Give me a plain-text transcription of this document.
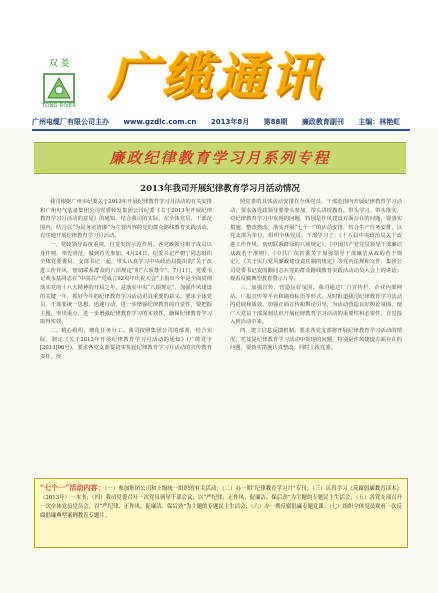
双 菱
TONG RIVER 广缆通讯
广州电缆厂有限公司主办 www.gzdlc.com.cn 2013年8月 第88期 廉政教育副刊 主编：林艳虹
廉政纪律教育学习月系列专程
2013年我司开展纪律教育学习月活动情况

我司根据广州市纪委关于2013年开展纪律教育学习月活动的有关安排和广州电气装备集团公司党委转发集团公司纪委《关于2013年开展纪律教育学习月活动的意见》的通知，结合我司的实际，在全体党员、干部范围内，结合以“为民务实清廉”为主要内容的党的群众路线教育实践活动，有序地开展纪律教育学习月活动。

一、党政领导高度重视，自觉发挥示范作用。各党政领导班子成员以身作则、率先垂范，做到首先参加。4月24日，纪委书记严朝宁同志组织全体党委委员、支部书记一起，带头认真学习中央政治局提出的“关于改进工作作风、密切联系群众的八项规定”和“六项禁令”。7月1日，党委书记黄永基同志在“中国共产党成立92周年庆祝大会”上指出今年是全面贯彻落实党的十八大精神的开局之年，是落实中央“八项规定”、加强作风建设的关键一年，抓好今年的纪律教育学习活动更具重要的意义。要求全体党员、干部要统一思想、迅速行动，进一步增强纪律教育的自觉性，要把握主题，突出重点，进一步增强纪律教育学习的实效性，确保纪律教育学习取得实效。

二、精心组织，细化任务分工。我司按照集团公司的部署，结合实际，制定《关于2013年开展纪律教育学习月活动的通知》(广缆党字[2013]06号)，要求各党支部要切实负起纪律教育学习月活动的宣传教育责任，按

照党委的具体活动安排在全体党员、干部范围内开展纪律教育学习活动，要求各党政领导要带头参加，带头讲授教育。带头学习、带头落实，对纪律教育学习中发现的问题，特别是作风建设方面存在的问题，要落实措施，整改整改；落实开展“七个一”的活动安排，结合生产任务安排，以党支部为单位，组织全体党员、干部学习了：《十八届中央政治局关于改进工作作风、密切联系群众的八项规定》、《中国共产党党员领导干部廉洁从政若干准则》、《中共广东省委关于加强领导干部廉洁从政的若干规定》，《关于实行党风廉政建设责任制的规定》等党内法规和文件；集团公司党委书记麦国顺同志在党的群众路线教育实践活动动员大会上的讲话；观看反腐典型教育警示片等。

三、加强宣传，营造良好氛围。我司通过厂门宣传栏、企业内部网站、厂报宣传等平台和墙布标语等形式，及时报道我司纪律教育学习活动的进展和成效，加强正面宣传和舆论引导，为活动营造良好舆论氛围，使广大党员干部深刻认识开展纪律教育学习活动的重要性和必要性，自觉投入到活动中来。

四、建立信息反馈机制。要求各党支部将开展纪律教育学习活动的情况，尤其是纪律教育学习活动中发现的问题，特别是作风建设方面存在的问题，要落实措施认真整改，同时上报党委。

“七个一”活动内容：（一）参加集团公司和上级统一组织的有关活动；（二）办一期“纪律教育学习月”专刊；（三）认真学习《反腐倡廉教育读本》（2013年）一本书；（四）我司党委召开一次党员领导干部会议，以“严纪律、正作风、促廉洁、保后劲”为主题的专题民主生活会；（五）各党支部召开一次全体党员党员会，以“严纪律、正作风、促廉洁、保后劲”为主题的专题民主生活会；（六）办一期反腐倡廉专题党课；（七）组织全体党员观看一次反腐倡廉典型案例教育专题片。
